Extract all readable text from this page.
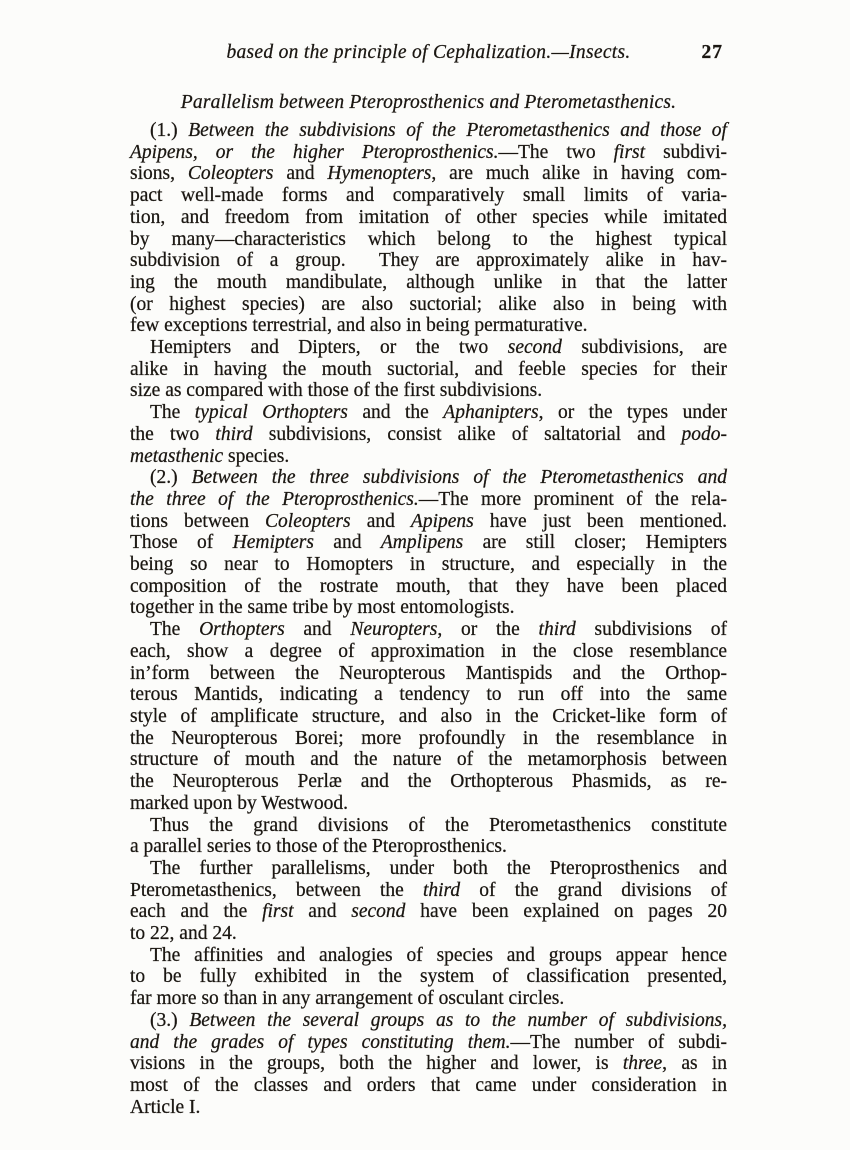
based on the principle of Cephalization.—Insects.	27
Parallelism between Pteroprosthenics and Pterometasthenics.
(1.) Between the subdivisions of the Pterometasthenics and those of
Apipens, or the higher Pteroprosthenics.—The two first subdivi-
sions, Coleopters and Hymenopters, are much alike in having com-
pact well-made forms and comparatively small limits of varia-
tion, and freedom from imitation of other species while imitated
by many—characteristics which belong to the highest typical
subdivision of a group.  They are approximately alike in hav-
ing the mouth mandibulate, although unlike in that the latter
(or highest species) are also suctorial; alike also in being with
few exceptions terrestrial, and also in being permaturative.
Hemipters and Dipters, or the two second subdivisions, are
alike in having the mouth suctorial, and feeble species for their
size as compared with those of the first subdivisions.
The typical Orthopters and the Aphanipters, or the types under
the two third subdivisions, consist alike of saltatorial and podo-
metasthenic species.
(2.) Between the three subdivisions of the Pterometasthenics and
the three of the Pteroprosthenics.—The more prominent of the rela-
tions between Coleopters and Apipens have just been mentioned.
Those of Hemipters and Amplipens are still closer; Hemipters
being so near to Homopters in structure, and especially in the
composition of the rostrate mouth, that they have been placed
together in the same tribe by most entomologists.
The Orthopters and Neuropters, or the third subdivisions of
each, show a degree of approximation in the close resemblance
in’form between the Neuropterous Mantispids and the Orthop-
terous Mantids, indicating a tendency to run off into the same
style of amplificate structure, and also in the Cricket-like form of
the Neuropterous Borei; more profoundly in the resemblance in
structure of mouth and the nature of the metamorphosis between
the Neuropterous Perlæ and the Orthopterous Phasmids, as re-
marked upon by Westwood.
Thus the grand divisions of the Pterometasthenics constitute
a parallel series to those of the Pteroprosthenics.
The further parallelisms, under both the Pteroprosthenics and
Pterometasthenics, between the third of the grand divisions of
each and the first and second have been explained on pages 20
to 22, and 24.
The affinities and analogies of species and groups appear hence
to be fully exhibited in the system of classification presented,
far more so than in any arrangement of osculant circles.
(3.) Between the several groups as to the number of subdivisions,
and the grades of types constituting them.—The number of subdi-
visions in the groups, both the higher and lower, is three, as in
most of the classes and orders that came under consideration in
Article I.
